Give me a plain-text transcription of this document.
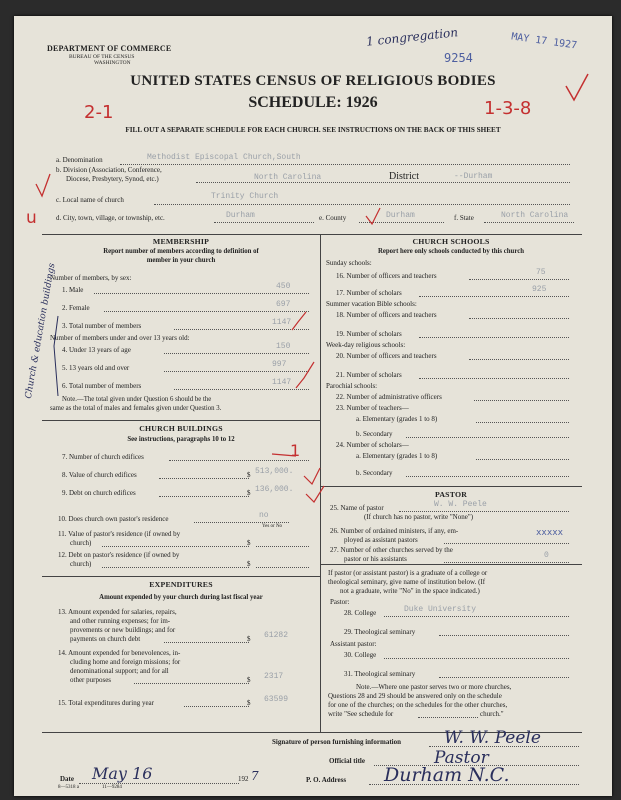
DEPARTMENT OF COMMERCE
BUREAU OF THE CENSUS
WASHINGTON
1 congregation
9254
MAY 17 1927
UNITED STATES CENSUS OF RELIGIOUS BODIES
SCHEDULE: 1926
2-1	1-3-8
FILL OUT A SEPARATE SCHEDULE FOR EACH CHURCH. SEE INSTRUCTIONS ON THE BACK OF THIS SHEET
a. Denomination	Methodist Episcopal Church,South
b. Division (Association, Conference,
Diocese, Presbytery, Synod, etc.)	North Carolina	District	--Durham
c. Local name of church	Trinity Church
d. City, town, village, or township, etc.	Durham	e. County	Durham	f. State	North Carolina
u
MEMBERSHIP
Report number of members according to definition of
member in your church
Number of members, by sex:
1. Male	450
2. Female	697
3. Total number of members	1147
Number of members under and over 13 years old:
4. Under 13 years of age	150
5. 13 years old and over	997
6. Total number of members	1147
Note.—The total given under Question 6 should be the
same as the total of males and females given under Question 3.
Church & education buildings
CHURCH BUILDINGS
See instructions, paragraphs 10 to 12
7. Number of church edifices	1
8. Value of church edifices	$ 513,000.
9. Debt on church edifices	$ 136,000.
10. Does church own pastor's residence	no
Yes or No
11. Value of pastor's residence (if owned by
church)	$
12. Debt on pastor's residence (if owned by
church)	$
EXPENDITURES
Amount expended by your church during last fiscal year
13. Amount expended for salaries, repairs,
and other running expenses; for im-
provements or new buildings; and for
payments on church debt	$ 61282
14. Amount expended for benevolences, in-
cluding home and foreign missions; for
denominational support; and for all
other purposes	$ 2317
15. Total expenditures during year	$ 63599
CHURCH SCHOOLS
Report here only schools conducted by this church
Sunday schools:
16. Number of officers and teachers	75
17. Number of scholars	925
Summer vacation Bible schools:
18. Number of officers and teachers
19. Number of scholars
Week-day religious schools:
20. Number of officers and teachers
21. Number of scholars
Parochial schools:
22. Number of administrative officers
23. Number of teachers—
a. Elementary (grades 1 to 8)
b. Secondary
24. Number of scholars—
a. Elementary (grades 1 to 8)
b. Secondary
PASTOR
25. Name of pastor	W. W. Peele
(If church has no pastor, write "None")
26. Number of ordained ministers, if any, em-
ployed as assistant pastors
xxxxx
27. Number of other churches served by the
pastor or his assistants	0
If pastor (or assistant pastor) is a graduate of a college or
theological seminary, give name of institution below. (If
not a graduate, write "No" in the space indicated.)
Pastor:
28. College	Duke University
29. Theological seminary
Assistant pastor:
30. College
31. Theological seminary
Note.—Where one pastor serves two or more churches,
Questions 28 and 29 should be answered only on the schedule
for one of the churches; on the schedules for the other churches,
write "See schedule for	church."
Signature of person furnishing information	W. W. Peele
Official title	Pastor
Date May 16	192 7	P. O. Address Durham N.C.
8—5318 a	11—9284
